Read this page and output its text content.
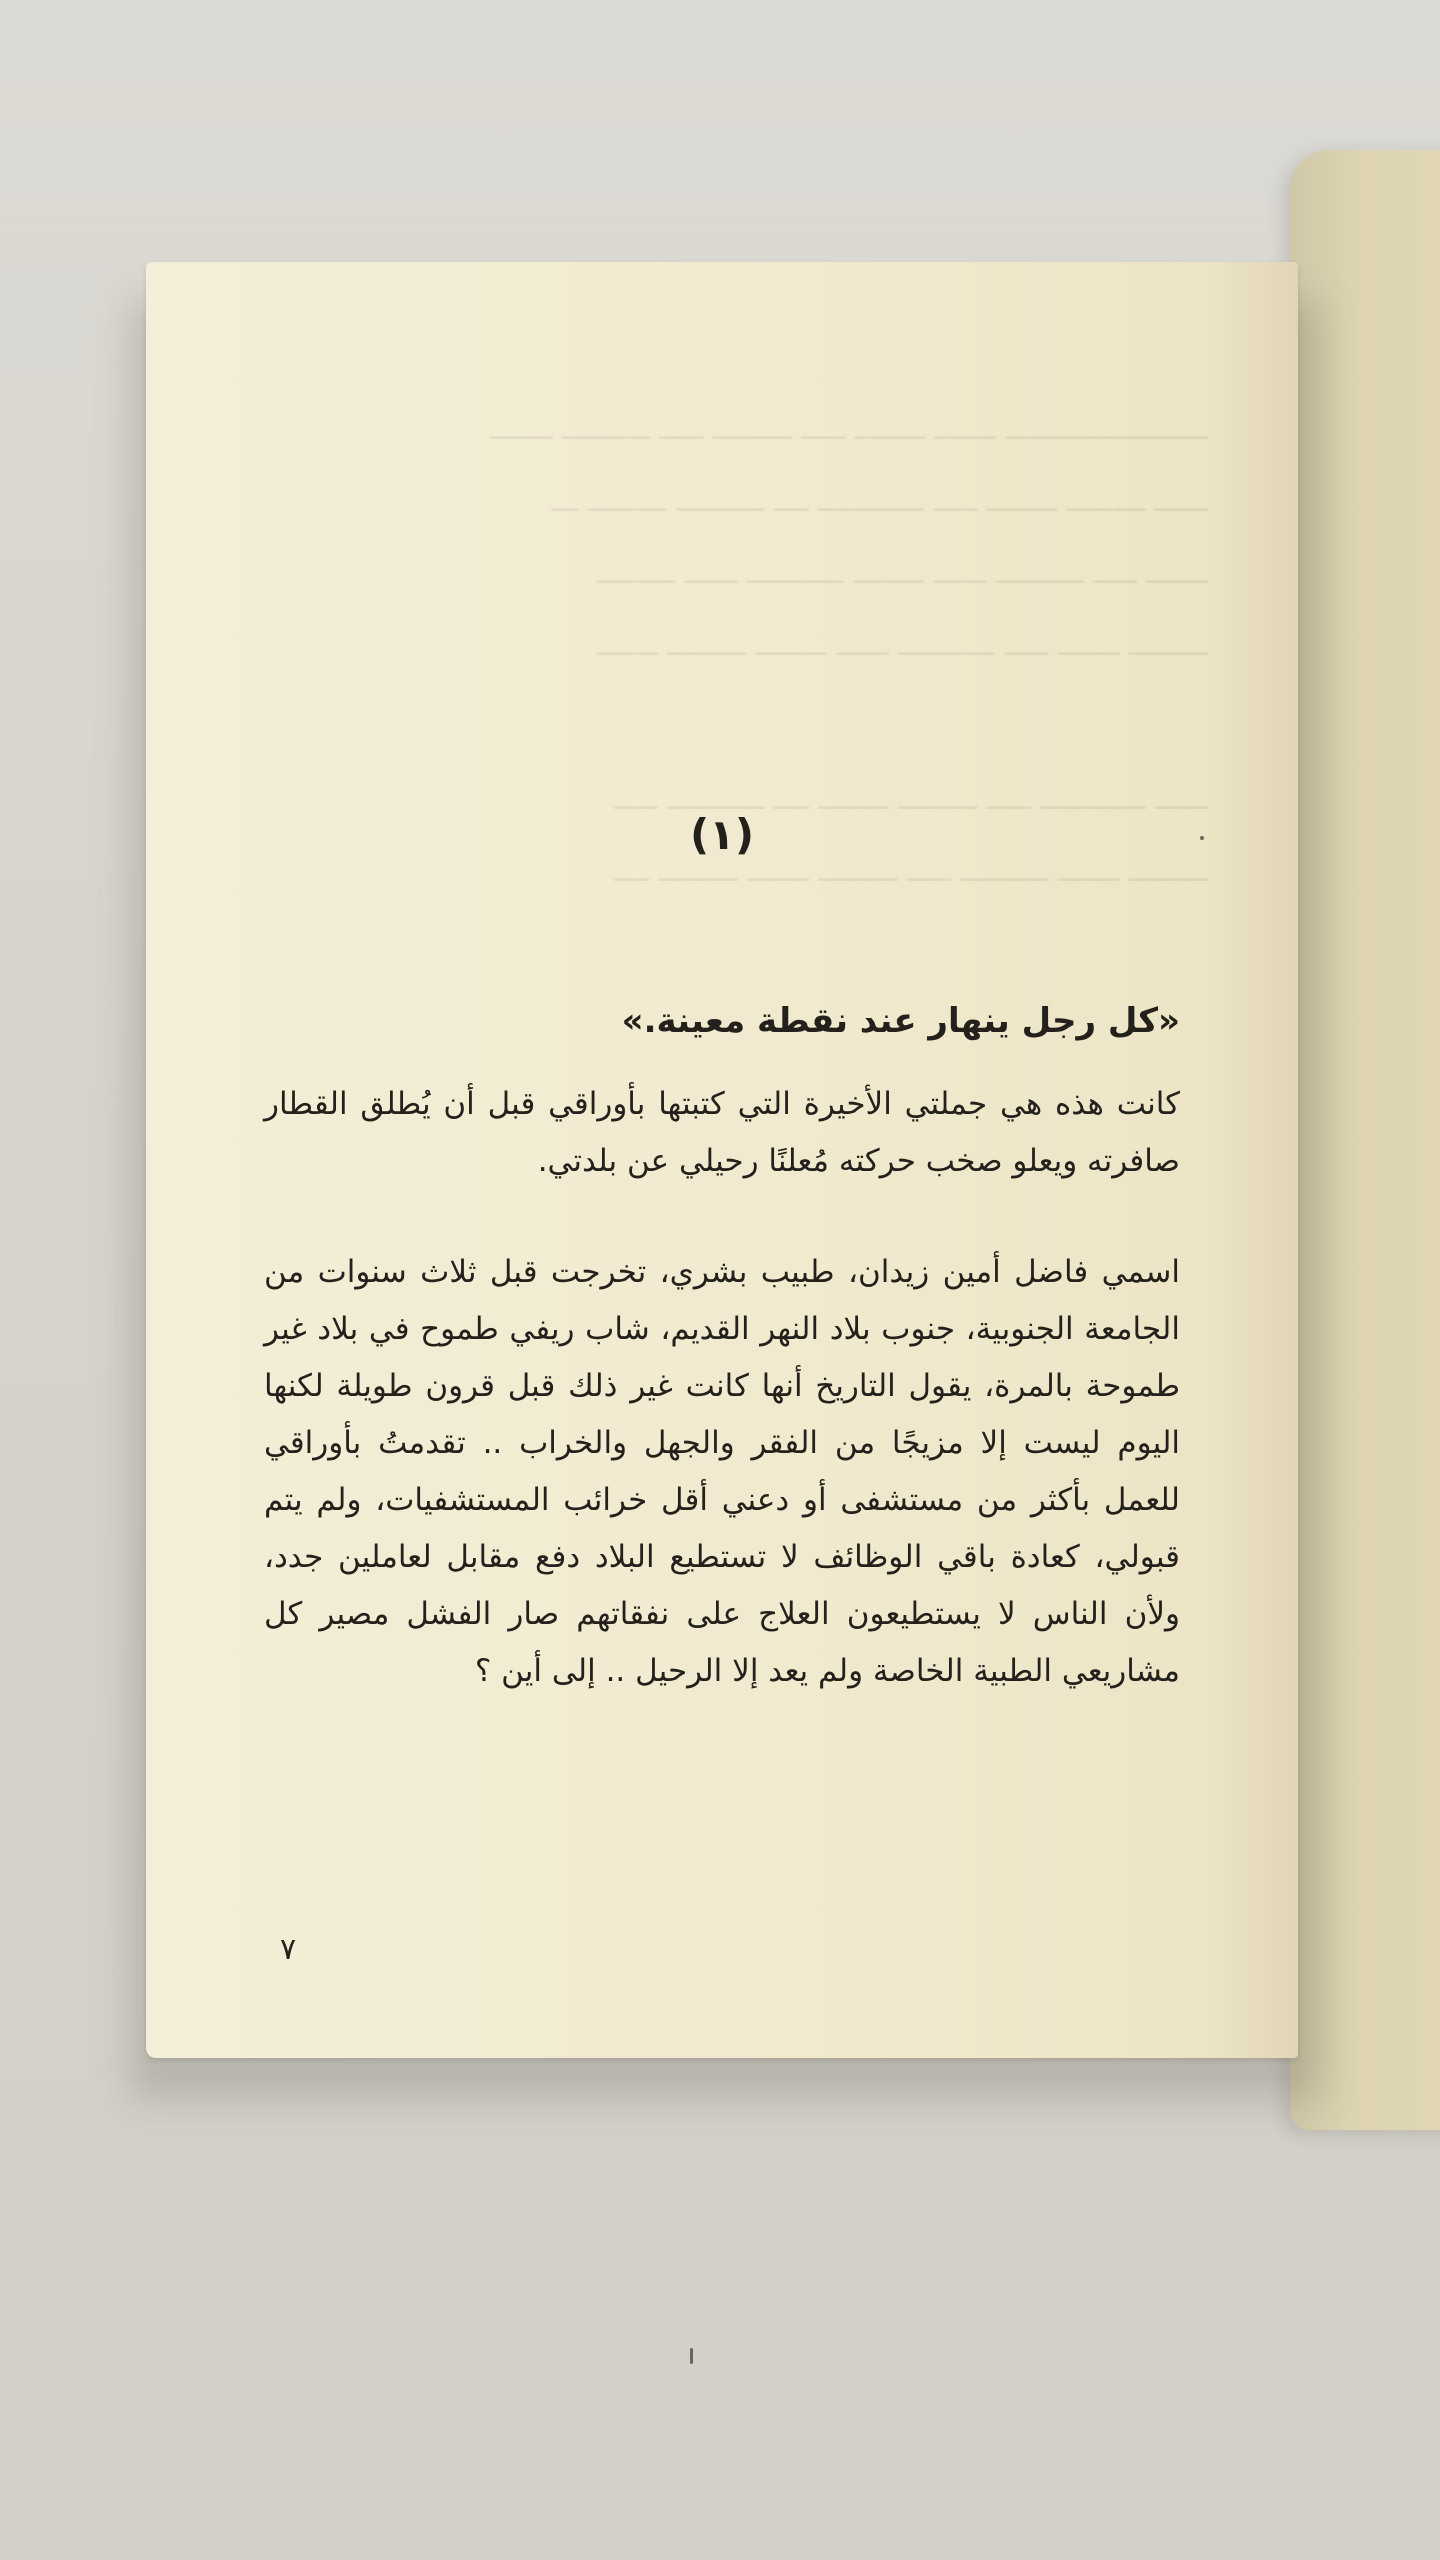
ـــــــــــــــــــــــ ـــــــ ــــــــ ـــــ ـــــــــ ـــــ ــــــــــ ـــــــ
ــــــ ـــــــــ ــــــــ ـــــ ــــــــــــ ــــ ــــــــــ ـــــــــ ـــ
ـــــــ ـــــ ــــــــــ ــــــ ــــــــ ـــــــــــ ــــــ ـــــــــ
ـــــــــ ـــــــ ـــــ ـــــــــــ ــــــ ــــــــ ـــــــــ ـــــــ
ــــــ ــــــــــــ ـــــ ـــــــــ ــــــــ ــــ ـــــــــــ ـــــ
ـــــــــ ـــــــ ــــــــــ ـــــ ـــــــــ ـــــــ ـــــــــ ــــ
(١)

«كل رجل ينهار عند نقطة معينة.»

كانت هذه هي جملتي الأخيرة التي كتبتها بأوراقي قبل أن يُطلق القطار صافرته ويعلو صخب حركته مُعلنًا رحيلي عن بلدتي.

اسمي فاضل أمين زيدان، طبيب بشري، تخرجت قبل ثلاث سنوات من الجامعة الجنوبية، جنوب بلاد النهر القديم، شاب ريفي طموح في بلاد غير طموحة بالمرة، يقول التاريخ أنها كانت غير ذلك قبل قرون طويلة لكنها اليوم ليست إلا مزيجًا من الفقر والجهل والخراب .. تقدمتُ بأوراقي للعمل بأكثر من مستشفى أو دعني أقل خرائب المستشفيات، ولم يتم قبولي، كعادة باقي الوظائف لا تستطيع البلاد دفع مقابل لعاملين جدد، ولأن الناس لا يستطيعون العلاج على نفقاتهم صار الفشل مصير كل مشاريعي الطبية الخاصة ولم يعد إلا الرحيل .. إلى أين ؟

٧
